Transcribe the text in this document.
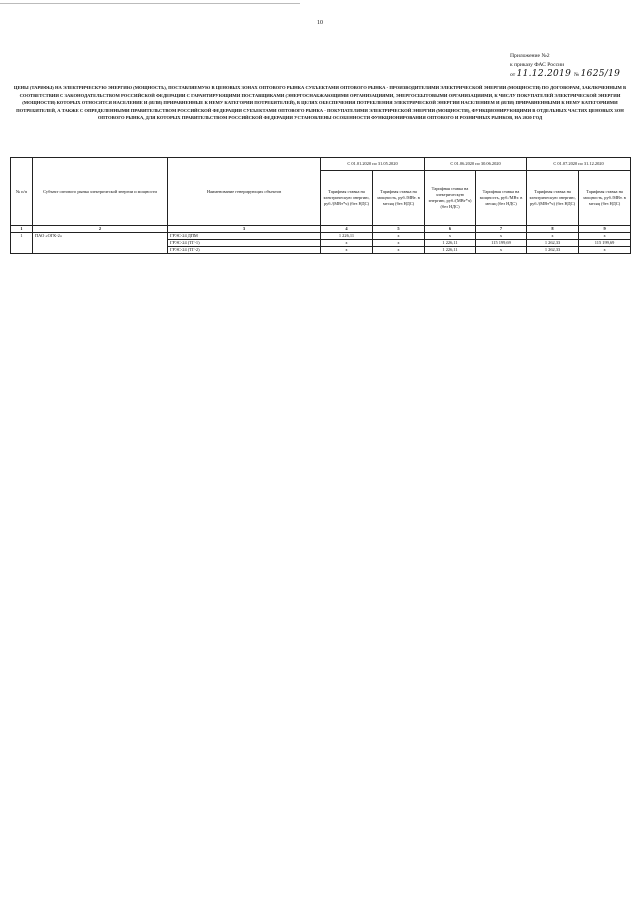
10
Приложение №2
к приказу ФАС России
от 11.12.2019 № 1625/19
ЦЕНЫ (ТАРИФЫ) НА ЭЛЕКТРИЧЕСКУЮ ЭНЕРГИЮ (МОЩНОСТЬ), ПОСТАВЛЯЕМУЮ В ЦЕНОВЫХ ЗОНАХ ОПТОВОГО РЫНКА СУБЪЕКТАМИ ОПТОВОГО РЫНКА - ПРОИЗВОДИТЕЛЯМИ ЭЛЕКТРИЧЕСКОЙ ЭНЕРГИИ (МОЩНОСТИ) ПО ДОГОВОРАМ, ЗАКЛЮЧЕННЫМ В СООТВЕТСТВИИ С ЗАКОНОДАТЕЛЬСТВОМ РОССИЙСКОЙ ФЕДЕРАЦИИ С ГАРАНТИРУЮЩИМИ ПОСТАВЩИКАМИ (ЭНЕРГОСНАБЖАЮЩИМИ ОРГАНИЗАЦИЯМИ, ЭНЕРГОСБЫТОВЫМИ ОРГАНИЗАЦИЯМИ, К ЧИСЛУ ПОКУПАТЕЛЕЙ ЭЛЕКТРИЧЕСКОЙ ЭНЕРГИИ (МОЩНОСТИ) КОТОРЫХ ОТНОСЯТСЯ НАСЕЛЕНИЕ И (ИЛИ) ПРИРАВНЕННЫЕ К НЕМУ КАТЕГОРИИ ПОТРЕБИТЕЛЕЙ), В ЦЕЛЯХ ОБЕСПЕЧЕНИЯ ПОТРЕБЛЕНИЯ ЭЛЕКТРИЧЕСКОЙ ЭНЕРГИИ НАСЕЛЕНИЕМ И (ИЛИ) ПРИРАВНЕННЫМИ К НЕМУ КАТЕГОРИЯМИ ПОТРЕБИТЕЛЕЙ, А ТАКЖЕ С ОПРЕДЕЛЕННЫМИ ПРАВИТЕЛЬСТВОМ РОССИЙСКОЙ ФЕДЕРАЦИИ СУБЪЕКТАМИ ОПТОВОГО РЫНКА - ПОКУПАТЕЛЯМИ ЭЛЕКТРИЧЕСКОЙ ЭНЕРГИИ (МОЩНОСТИ), ФУНКЦИОНИРУЮЩИМИ В ОТДЕЛЬНЫХ ЧАСТЯХ ЦЕНОВЫХ ЗОН ОПТОВОГО РЫНКА, ДЛЯ КОТОРЫХ ПРАВИТЕЛЬСТВОМ РОССИЙСКОЙ ФЕДЕРАЦИИ УСТАНОВЛЕНЫ ОСОБЕННОСТИ ФУНКЦИОНИРОВАНИЯ ОПТОВОГО И РОЗНИЧНЫХ РЫНКОВ, НА 2020 ГОД
№ п/п	Субъект оптового рынка электрической энергии и мощности	Наименование генерирующих объектов	С 01.01.2020 по 31.05.2020		С 01.06.2020 по 30.06.2020		С 01.07.2020 по 31.12.2020	
			Тарифная ставка на электрическую энергию, руб./(МВт*ч) (без НДС)	Тарифная ставка на мощность, руб./МВт. в месяц (без НДС)	Тарифная ставка на электрическую энергию, руб./(МВт*ч) (без НДС)	Тарифная ставка на мощность, руб./МВт. в месяц (без НДС)	Тарифная ставка на электрическую энергию, руб./(МВт*ч) (без НДС)	Тарифная ставка на мощность, руб./МВт. в месяц (без НДС)
1	2	3	4	5	6	7	8	9
1	ПАО «ОГК-2»	ГРЭС-24 ДПМ	1 226,11	x	x	x	x	x
		ГРЭС-24 (ТГ-1)	x	x	1 226,11	115 199,69	1 262,33	115 199,69
		ГРЭС-24 (ТГ-2)	x	x	1 226,11	x	1 262,33	x
